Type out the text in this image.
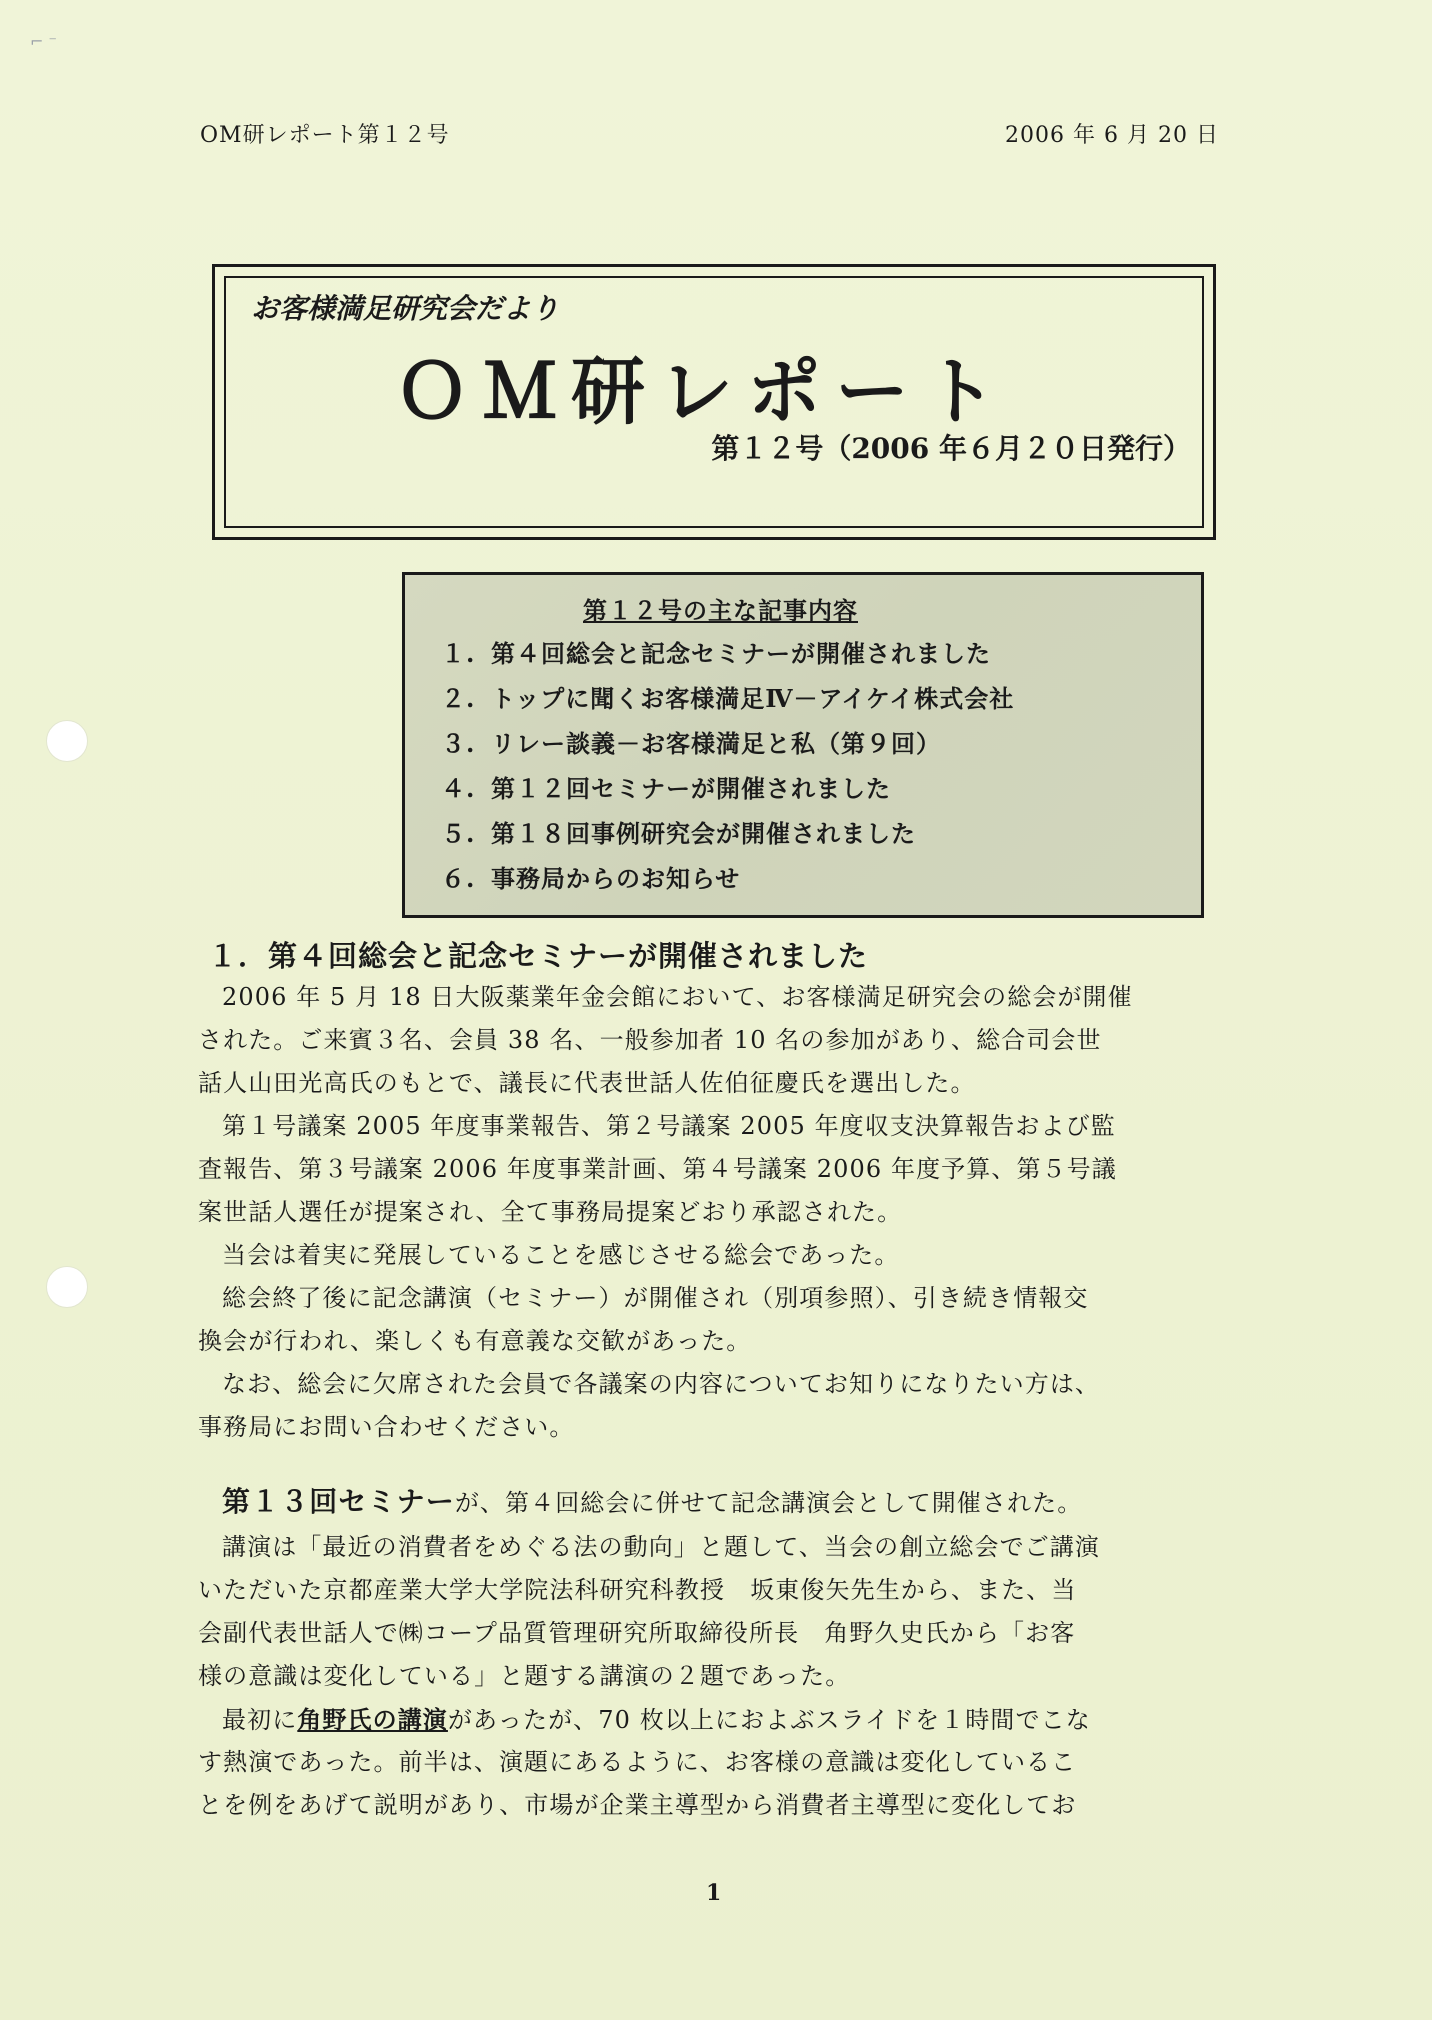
⌐ ⁻
OM研レポート第１２号	2006 年 6 月 20 日
お客様満足研究会だより
ＯＭ研レポート
第１２号（2006 年６月２０日発行）
第１２号の主な記事内容
１. 第４回総会と記念セミナーが開催されました
２. トップに聞くお客様満足Ⅳ－アイケイ株式会社
３. リレー談義－お客様満足と私（第９回）
４. 第１２回セミナーが開催されました
５. 第１８回事例研究会が開催されました
６. 事務局からのお知らせ
１．第４回総会と記念セミナーが開催されました
2006 年 5 月 18 日大阪薬業年金会館において、お客様満足研究会の総会が開催
された。ご来賓３名、会員 38 名、一般参加者 10 名の参加があり、総合司会世
話人山田光高氏のもとで、議長に代表世話人佐伯征慶氏を選出した。
第１号議案 2005 年度事業報告、第２号議案 2005 年度収支決算報告および監
査報告、第３号議案 2006 年度事業計画、第４号議案 2006 年度予算、第５号議
案世話人選任が提案され、全て事務局提案どおり承認された。
当会は着実に発展していることを感じさせる総会であった。
総会終了後に記念講演（セミナー）が開催され（別項参照）、引き続き情報交
換会が行われ、楽しくも有意義な交歓があった。
なお、総会に欠席された会員で各議案の内容についてお知りになりたい方は、
事務局にお問い合わせください。
第１３回セミナーが、第４回総会に併せて記念講演会として開催された。
講演は「最近の消費者をめぐる法の動向」と題して、当会の創立総会でご講演
いただいた京都産業大学大学院法科研究科教授　坂東俊矢先生から、また、当
会副代表世話人で㈱コープ品質管理研究所取締役所長　角野久史氏から「お客
様の意識は変化している」と題する講演の２題であった。
最初に角野氏の講演があったが、70 枚以上におよぶスライドを１時間でこな
す熱演であった。前半は、演題にあるように、お客様の意識は変化しているこ
とを例をあげて説明があり、市場が企業主導型から消費者主導型に変化してお
1
